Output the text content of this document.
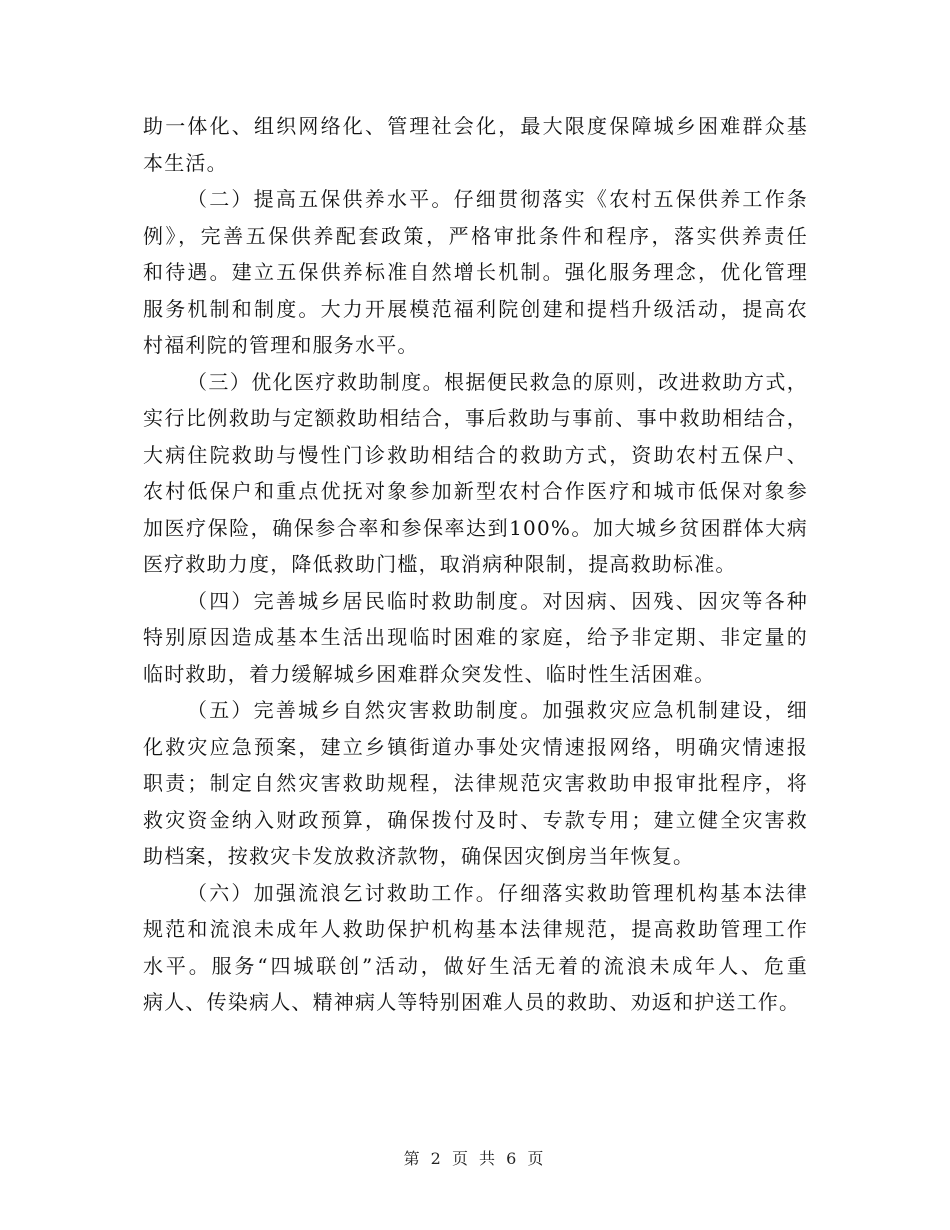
助一体化、组织网络化、管理社会化，最大限度保障城乡困难群众基
本生活。
（二）提高五保供养水平。仔细贯彻落实《农村五保供养工作条
例》，完善五保供养配套政策，严格审批条件和程序，落实供养责任
和待遇。建立五保供养标准自然增长机制。强化服务理念，优化管理
服务机制和制度。大力开展模范福利院创建和提档升级活动，提高农
村福利院的管理和服务水平。
（三）优化医疗救助制度。根据便民救急的原则，改进救助方式，
实行比例救助与定额救助相结合，事后救助与事前、事中救助相结合，
大病住院救助与慢性门诊救助相结合的救助方式，资助农村五保户、
农村低保户和重点优抚对象参加新型农村合作医疗和城市低保对象参
加医疗保险，确保参合率和参保率达到100%。加大城乡贫困群体大病
医疗救助力度，降低救助门槛，取消病种限制，提高救助标准。
（四）完善城乡居民临时救助制度。对因病、因残、因灾等各种
特别原因造成基本生活出现临时困难的家庭，给予非定期、非定量的
临时救助，着力缓解城乡困难群众突发性、临时性生活困难。
（五）完善城乡自然灾害救助制度。加强救灾应急机制建设，细
化救灾应急预案，建立乡镇街道办事处灾情速报网络，明确灾情速报
职责；制定自然灾害救助规程，法律规范灾害救助申报审批程序，将
救灾资金纳入财政预算，确保拨付及时、专款专用；建立健全灾害救
助档案，按救灾卡发放救济款物，确保因灾倒房当年恢复。
（六）加强流浪乞讨救助工作。仔细落实救助管理机构基本法律
规范和流浪未成年人救助保护机构基本法律规范，提高救助管理工作
水平。服务“四城联创”活动，做好生活无着的流浪未成年人、危重
病人、传染病人、精神病人等特别困难人员的救助、劝返和护送工作。
第 2 页 共 6 页
